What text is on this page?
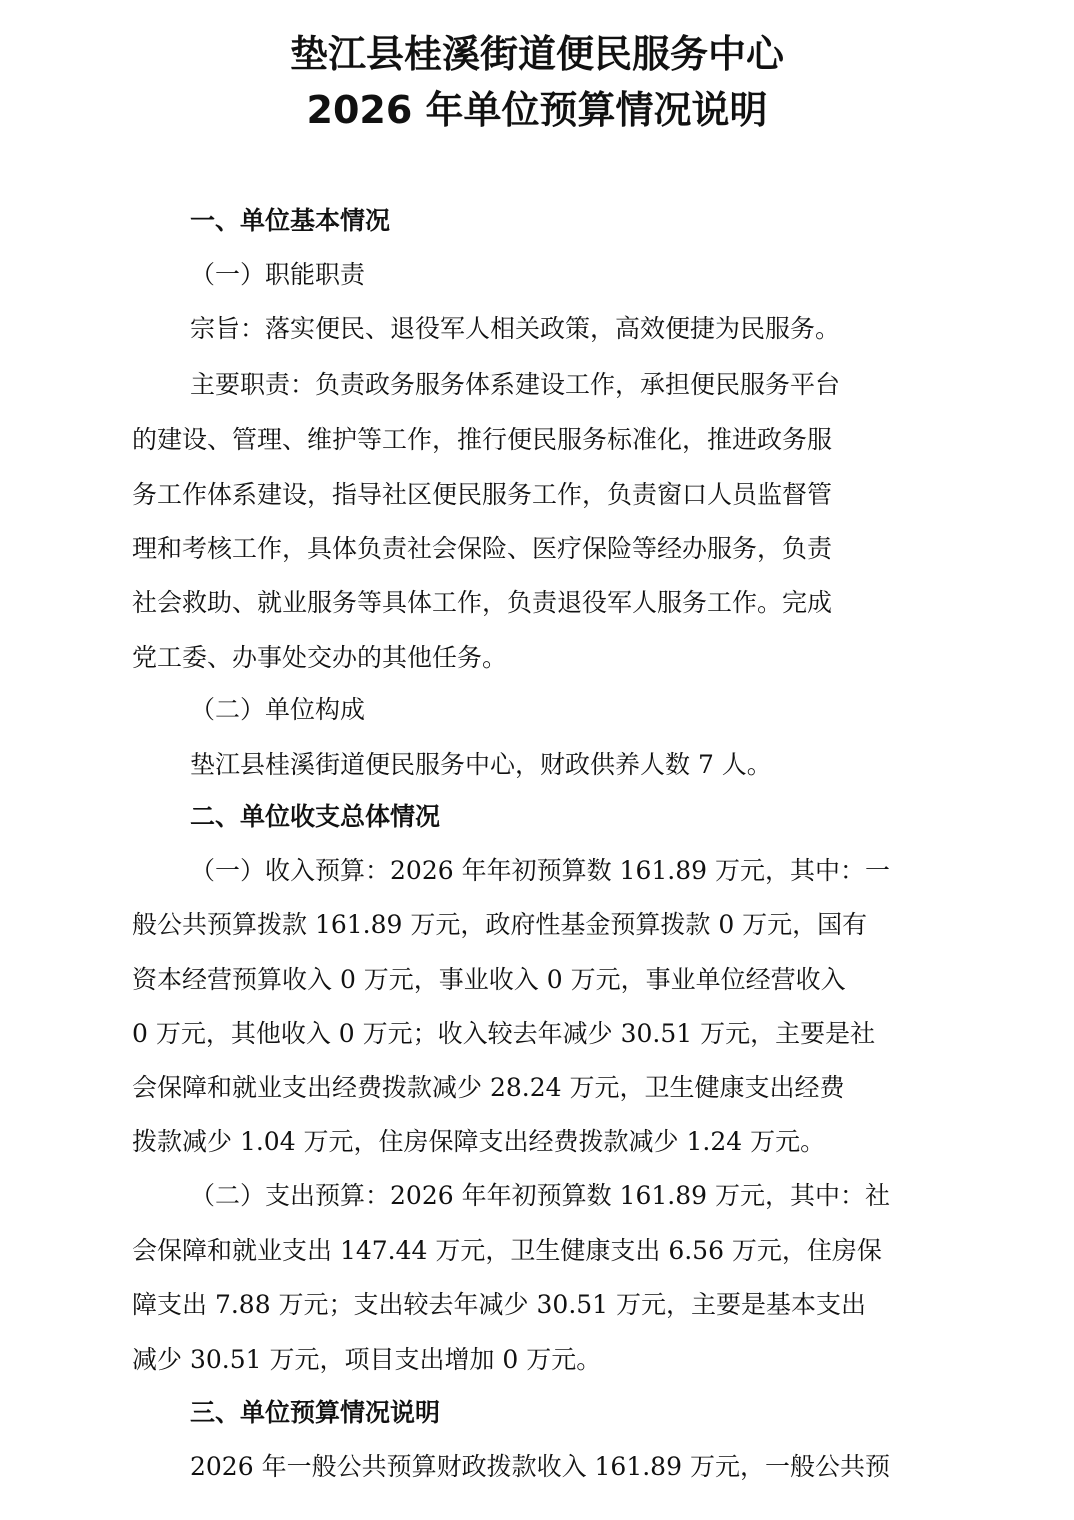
垫江县桂溪街道便民服务中心
2026 年单位预算情况说明
一、单位基本情况
（一）职能职责
宗旨：落实便民、退役军人相关政策，高效便捷为民服务。
主要职责：负责政务服务体系建设工作，承担便民服务平台
的建设、管理、维护等工作，推行便民服务标准化，推进政务服
务工作体系建设，指导社区便民服务工作，负责窗口人员监督管
理和考核工作，具体负责社会保险、医疗保险等经办服务，负责
社会救助、就业服务等具体工作，负责退役军人服务工作。完成
党工委、办事处交办的其他任务。
（二）单位构成
垫江县桂溪街道便民服务中心，财政供养人数 7 人。
二、单位收支总体情况
（一）收入预算：2026 年年初预算数 161.89 万元，其中：一
般公共预算拨款 161.89 万元，政府性基金预算拨款 0 万元，国有
资本经营预算收入 0 万元，事业收入 0 万元，事业单位经营收入
0 万元，其他收入 0 万元；收入较去年减少 30.51 万元，主要是社
会保障和就业支出经费拨款减少 28.24 万元，卫生健康支出经费
拨款减少 1.04 万元，住房保障支出经费拨款减少 1.24 万元。
（二）支出预算：2026 年年初预算数 161.89 万元，其中：社
会保障和就业支出 147.44 万元，卫生健康支出 6.56 万元，住房保
障支出 7.88 万元；支出较去年减少 30.51 万元，主要是基本支出
减少 30.51 万元，项目支出增加 0 万元。
三、单位预算情况说明
2026 年一般公共预算财政拨款收入 161.89 万元，一般公共预
